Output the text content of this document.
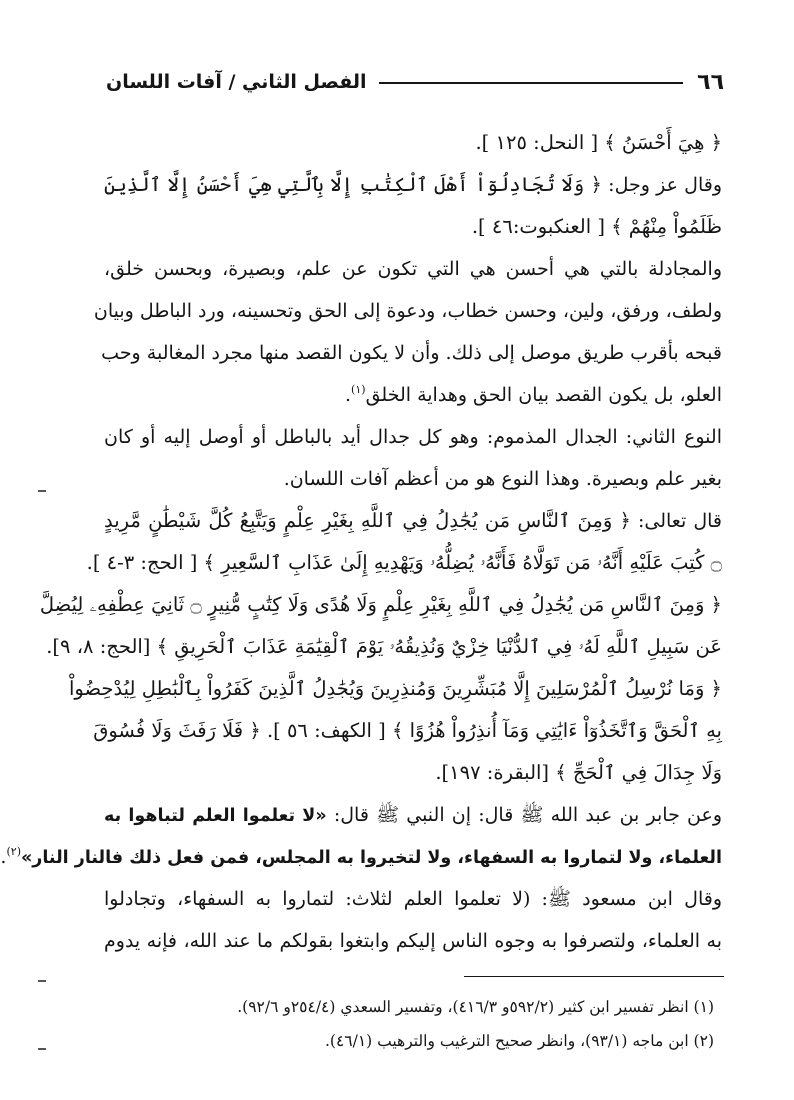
٦٦
الفصل الثاني / آفات اللسان
﴿ هِيَ أَحْسَنُ ﴾ [ النحل: ١٢٥ ].
وقال عز وجل: ﴿ وَلَا تُجَادِلُوٓاْ أَهْلَ ٱلْكِتَٰبِ إِلَّا بِٱلَّتِي هِيَ أَحْسَنُ إِلَّا ٱلَّذِينَ
ظَلَمُواْ مِنْهُمْ ﴾ [ العنكبوت:٤٦ ].
والمجادلة بالتي هي أحسن هي التي تكون عن علم، وبصيرة، وبحسن خلق،
ولطف، ورفق، ولين، وحسن خطاب، ودعوة إلى الحق وتحسينه، ورد الباطل وبيان
قبحه بأقرب طريق موصل إلى ذلك. وأن لا يكون القصد منها مجرد المغالبة وحب
العلو، بل يكون القصد بيان الحق وهداية الخلق$^{(١)}$.
النوع الثاني: الجدال المذموم: وهو كل جدال أيد بالباطل أو أوصل إليه أو كان
بغير علم وبصيرة. وهذا النوع هو من أعظم آفات اللسان.
قال تعالى: ﴿ وَمِنَ ٱلنَّاسِ مَن يُجَٰدِلُ فِي ٱللَّهِ بِغَيْرِ عِلْمٍ وَيَتَّبِعُ كُلَّ شَيْطَٰنٍ مَّرِيدٍ
۝ كُتِبَ عَلَيْهِ أَنَّهُۥ مَن تَوَلَّاهُ فَأَنَّهُۥ يُضِلُّهُۥ وَيَهْدِيهِ إِلَىٰ عَذَابِ ٱلسَّعِيرِ ﴾ [ الحج: ٣-٤ ].
﴿ وَمِنَ ٱلنَّاسِ مَن يُجَٰدِلُ فِي ٱللَّهِ بِغَيْرِ عِلْمٍ وَلَا هُدًى وَلَا كِتَٰبٍ مُّنِيرٍ ۝ ثَانِيَ عِطْفِهِۦ لِيُضِلَّ
عَن سَبِيلِ ٱللَّهِ لَهُۥ فِي ٱلدُّنْيَا خِزْيٌ وَنُذِيقُهُۥ يَوْمَ ٱلْقِيَٰمَةِ عَذَابَ ٱلْحَرِيقِ ﴾ [الحج: ٨، ٩].
﴿ وَمَا نُرْسِلُ ٱلْمُرْسَلِينَ إِلَّا مُبَشِّرِينَ وَمُنذِرِينَ وَيُجَٰدِلُ ٱلَّذِينَ كَفَرُواْ بِٱلْبَٰطِلِ لِيُدْحِضُواْ
بِهِ ٱلْحَقَّ وَٱتَّخَذُوٓاْ ءَايَٰتِي وَمَآ أُنذِرُواْ هُزُوًا ﴾ [ الكهف: ٥٦ ]. ﴿ فَلَا رَفَثَ وَلَا فُسُوقَ
وَلَا جِدَالَ فِي ٱلْحَجِّ ﴾ [البقرة: ١٩٧].
وعن جابر بن عبد الله ﷺ قال: إن النبي ﷺ قال: «لا تعلموا العلم لتباهوا به
العلماء، ولا لتماروا به السفهاء، ولا لتخيروا به المجلس، فمن فعل ذلك فالنار النار»$^{(٢)}$.
وقال ابن مسعود ﷺ: (لا تعلموا العلم لثلاث: لتماروا به السفهاء، وتجادلوا
به العلماء، ولتصرفوا به وجوه الناس إليكم وابتغوا بقولكم ما عند الله، فإنه يدوم
(١) انظر تفسير ابن كثير (٥٩٢/٢و ٤١٦/٣)، وتفسير السعدي (٢٥٤/٤و ٩٢/٦).
(٢) ابن ماجه (٩٣/١)، وانظر صحيح الترغيب والترهيب (٤٦/١).
